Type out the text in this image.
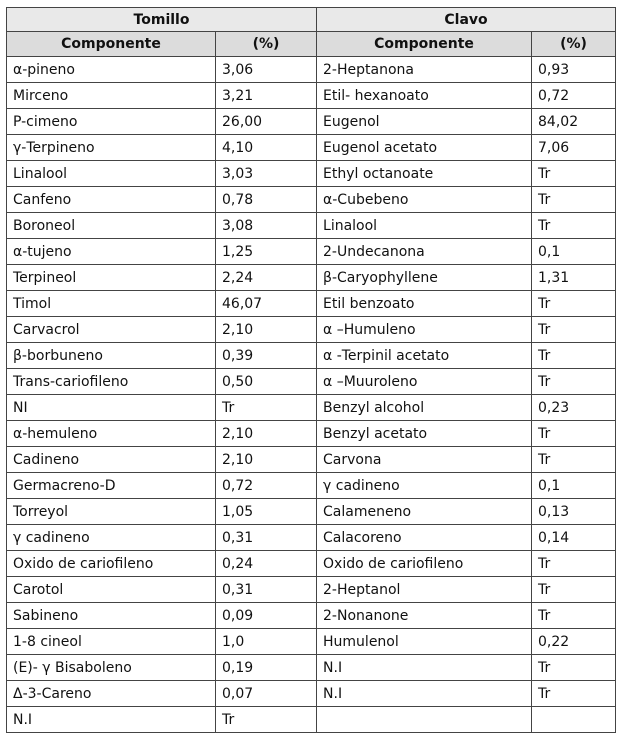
Tomillo		Clavo	
Componente	(%)	Componente	(%)
α-pineno	3,06	2-Heptanona	0,93
Mirceno	3,21	Etil- hexanoato	0,72
P-cimeno	26,00	Eugenol	84,02
γ-Terpineno	4,10	Eugenol acetato	7,06
Linalool	3,03	Ethyl octanoate	Tr
Canfeno	0,78	α-Cubebeno	Tr
Boroneol	3,08	Linalool	Tr
α-tujeno	1,25	2-Undecanona	0,1
Terpineol	2,24	β-Caryophyllene	1,31
Timol	46,07	Etil benzoato	Tr
Carvacrol	2,10	α –Humuleno	Tr
β-borbuneno	0,39	α -Terpinil acetato	Tr
Trans-cariofileno	0,50	α –Muuroleno	Tr
NI	Tr	Benzyl alcohol	0,23
α-hemuleno	2,10	Benzyl acetato	Tr
Cadineno	2,10	Carvona	Tr
Germacreno-D	0,72	γ cadineno	0,1
Torreyol	1,05	Calameneno	0,13
γ cadineno	0,31	Calacoreno	0,14
Oxido de cariofileno	0,24	Oxido de cariofileno	Tr
Carotol	0,31	2-Heptanol	Tr
Sabineno	0,09	2-Nonanone	Tr
1-8 cineol	1,0	Humulenol	0,22
(E)- γ Bisaboleno	0,19	N.I	Tr
Δ-3-Careno	0,07	N.I	Tr
N.I	Tr		
